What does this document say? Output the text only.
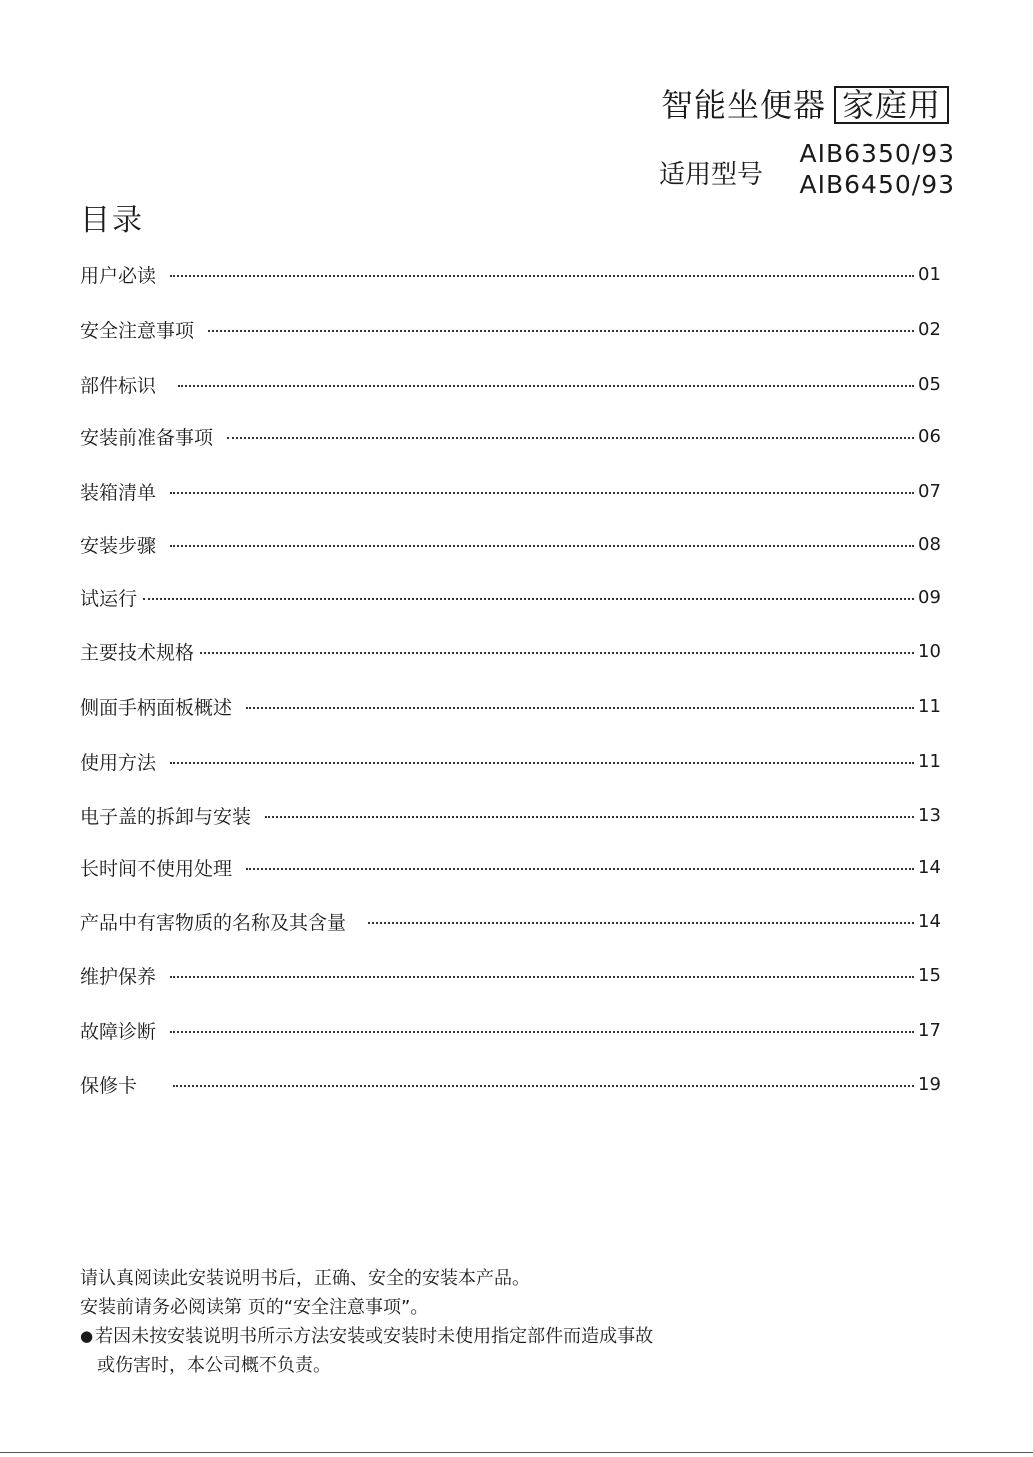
智能坐便器 家庭用
适用型号
AIB6350/93
AIB6450/93
目录
用户必读	01
安全注意事项	02
部件标识	05
安装前准备事项	06
装箱清单	07
安装步骤	08
试运行	09
主要技术规格	10
侧面手柄面板概述	11
使用方法	11
电子盖的拆卸与安装	13
长时间不使用处理	14
产品中有害物质的名称及其含量	14
维护保养	15
故障诊断	17
保修卡	19

请认真阅读此安装说明书后，正确、安全的安装本产品。

安装前请务必阅读第 页的“安全注意事项”。

● 若因未按安装说明书所示方法安装或安装时未使用指定部件而造成事故

或伤害时，本公司概不负责。
